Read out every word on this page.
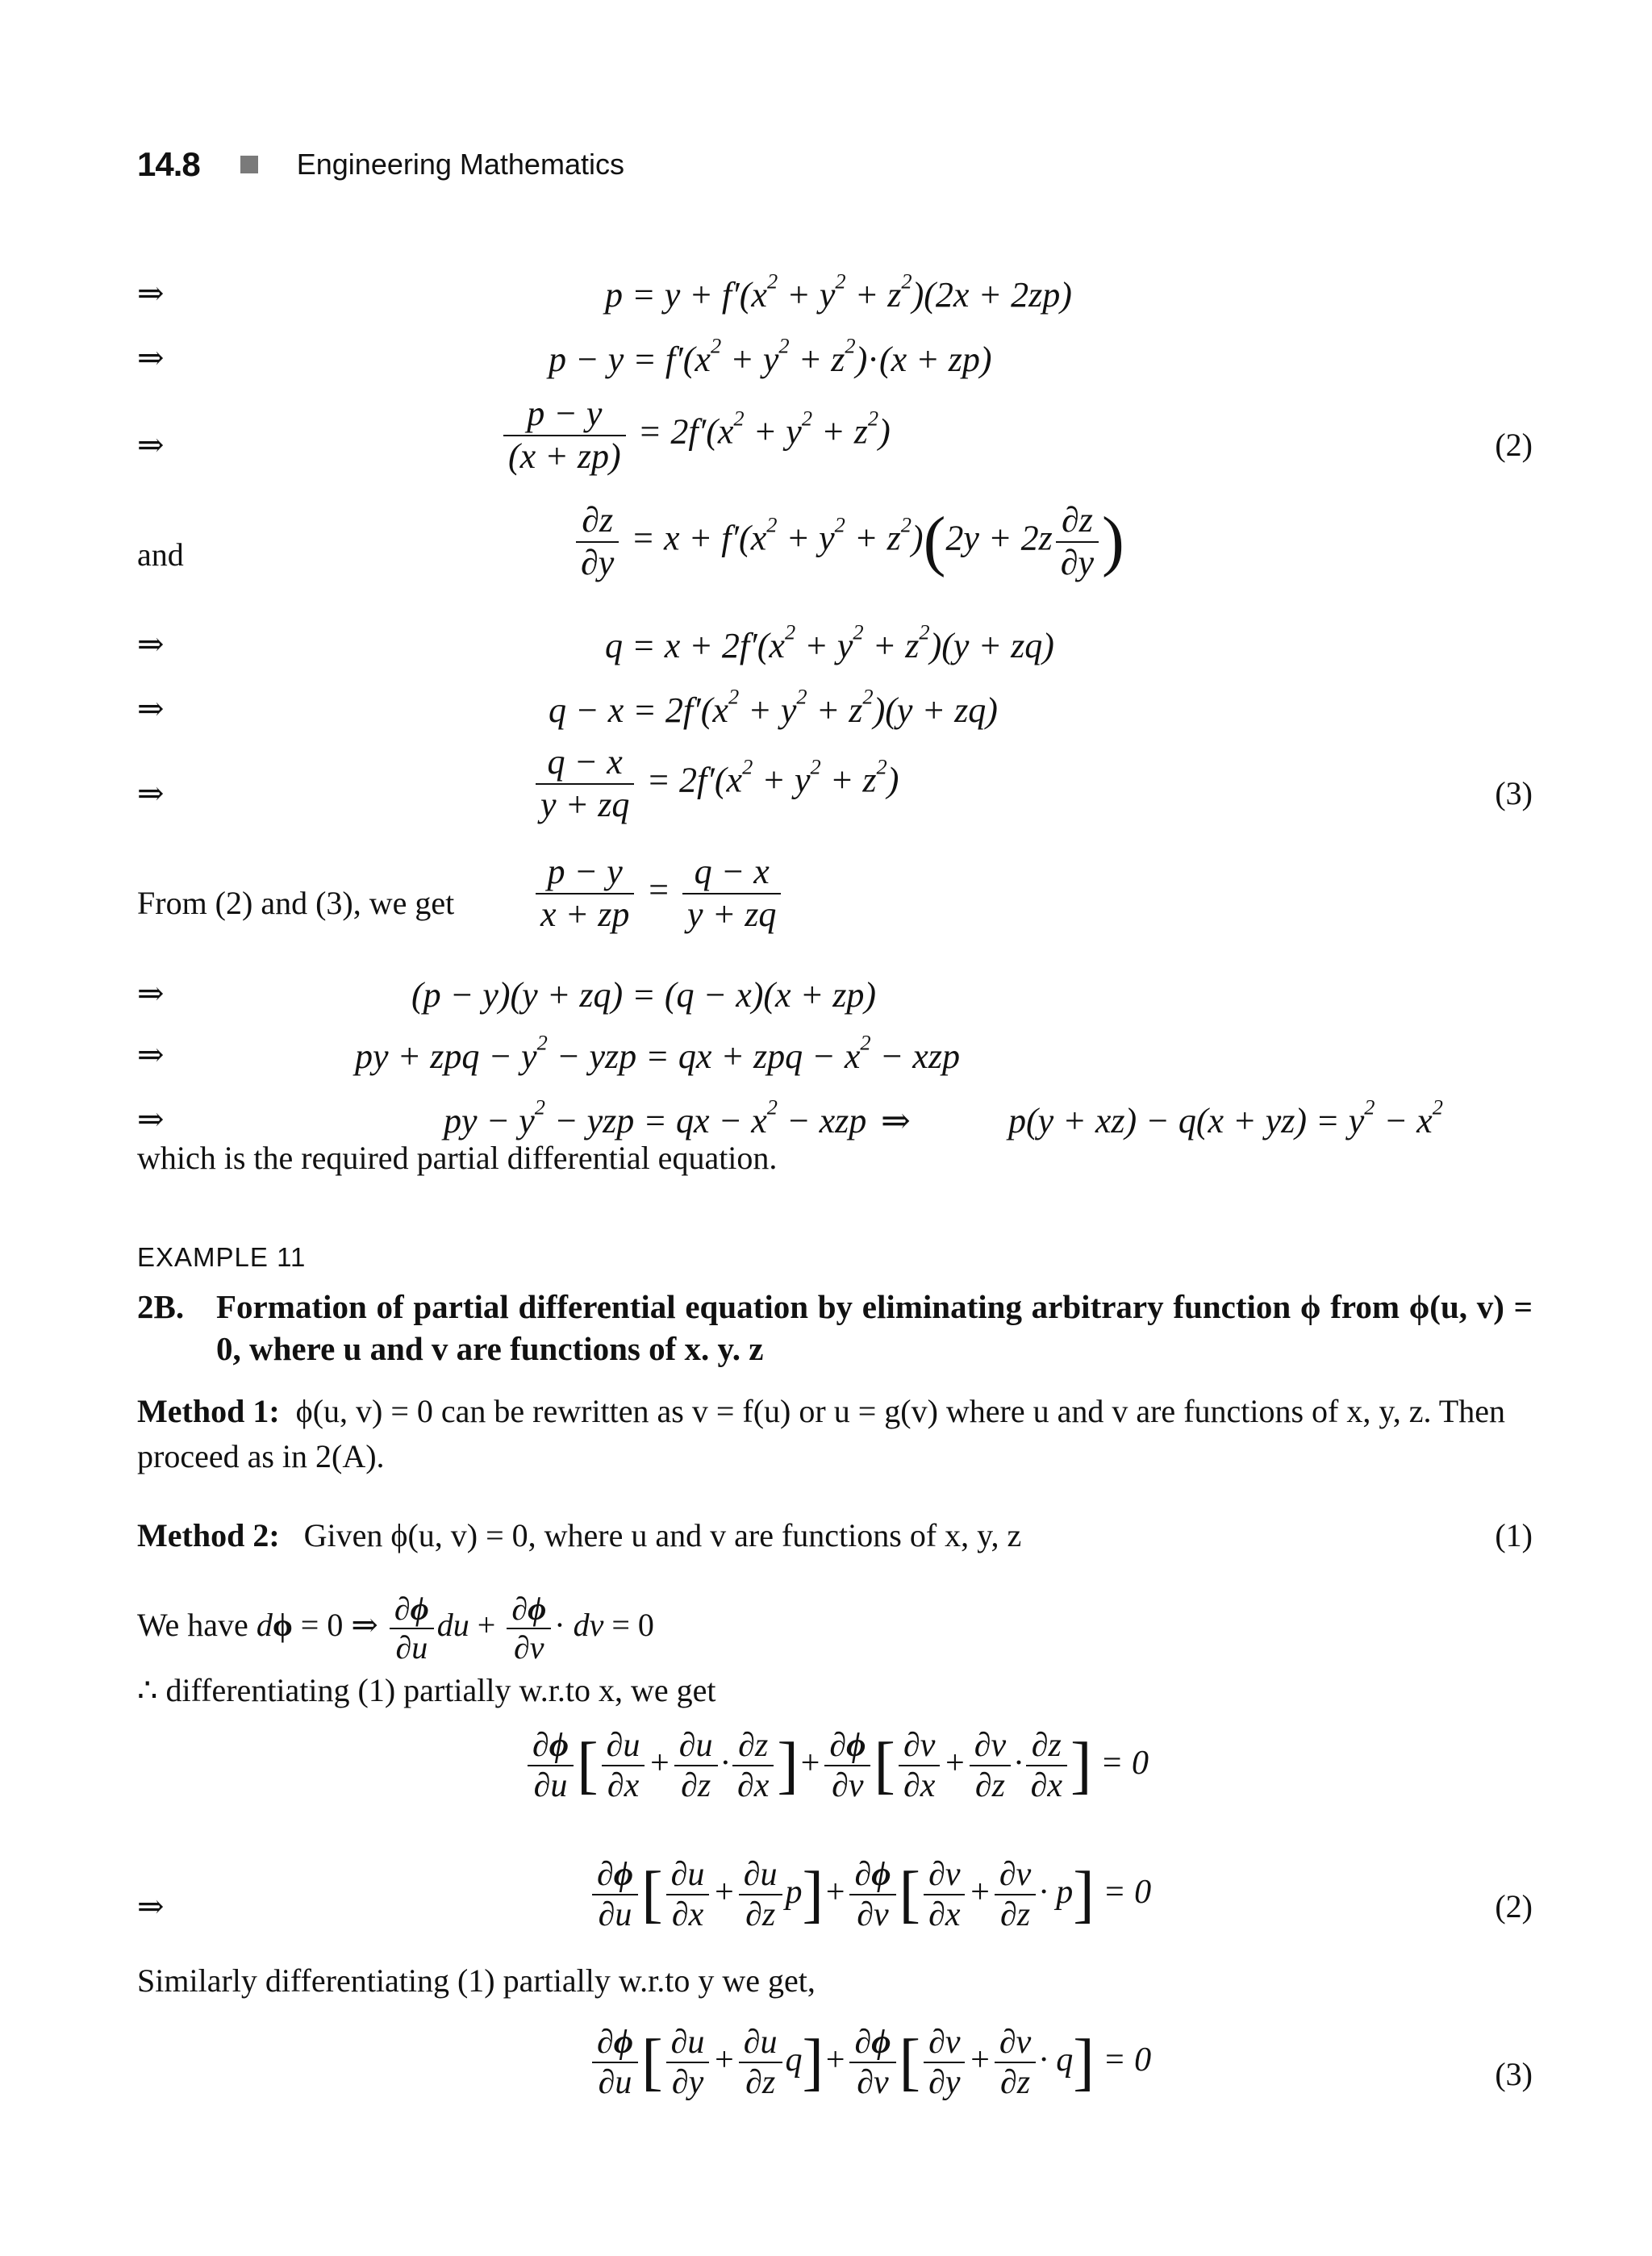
14.8	Engineering Mathematics
⇒	$p = y + f'(x^2 + y^2 + z^2)(2x + 2zp)$
⇒	$p - y = f'(x^2 + y^2 + z^2)\cdot(x + zp)$
⇒	$\frac{p - y}{(x + zp)} = 2f'(x^2 + y^2 + z^2)$	(2)
and	$\frac{\partial z}{\partial y} = x + f'(x^2 + y^2 + z^2)(2y + 2z \frac{\partial z}{\partial y}$ )
⇒	$q = x + 2f'(x^2 + y^2 + z^2)(y + zq)$
⇒	$q - x = 2f'(x^2 + y^2 + z^2)(y + zq)$
⇒	$\frac{q - x}{y + zq} = 2f'(x^2 + y^2 + z^2)$	(3)
From (2) and (3), we get $\frac{p - y}{x + zp} = \frac{q - x}{y + zq}$
⇒	(p − y)(y + zq) = (q − x)(x + zp)
⇒	py + zpq − $y^2$ − yzp = qx + zpq − $x^2$ − xzp
⇒	py − $y^2$ − yzp = qx − $x^2$ − xzp ⇒	$p(y + xz) - q(x + yz) = y^2 - x^2$
which is the required partial differential equation.
EXAMPLE 11
2B. Formation of partial differential equation by eliminating arbitrary function ϕ from ϕ(u, v) = 0, where u and v are functions of x. y. z
Method 1: ϕ(u, v) = 0 can be rewritten as v = f(u) or u = g(v) where u and v are functions of x, y, z. Then proceed as in 2(A).
Method 2: Given ϕ(u, v) = 0, where u and v are functions of x, y, z	(1)
We have dϕ = 0 ⇒ $\frac{\partial\phi}{\partial u}$ du + $\frac{\partial\phi}{\partial v}$ · dv = 0
∴ differentiating (1) partially w.r.to x, we get
$\frac{\partial\phi}{\partial u}$ [ $\frac{\partial u}{\partial x} + \frac{\partial u}{\partial z} \cdot \frac{\partial z}{\partial x}$ ]+ $\frac{\partial\phi}{\partial v}$ [ $\frac{\partial v}{\partial x} + \frac{\partial v}{\partial z} \cdot \frac{\partial z}{\partial x}$ ] = 0
⇒	$\frac{\partial\phi}{\partial u}$ [ $\frac{\partial u}{\partial x} + \frac{\partial u}{\partial z} p]+ \frac{\partial\phi}{\partial v}$ [ $\frac{\partial v}{\partial x} + \frac{\partial v}{\partial z} \cdot p] = 0$	(2)
Similarly differentiating (1) partially w.r.to y we get,
$\frac{\partial\phi}{\partial u}$ [ $\frac{\partial u}{\partial y} + \frac{\partial u}{\partial z} q]+ \frac{\partial\phi}{\partial v}$ [ $\frac{\partial v}{\partial y} + \frac{\partial v}{\partial z} \cdot q] = 0$	(3)
